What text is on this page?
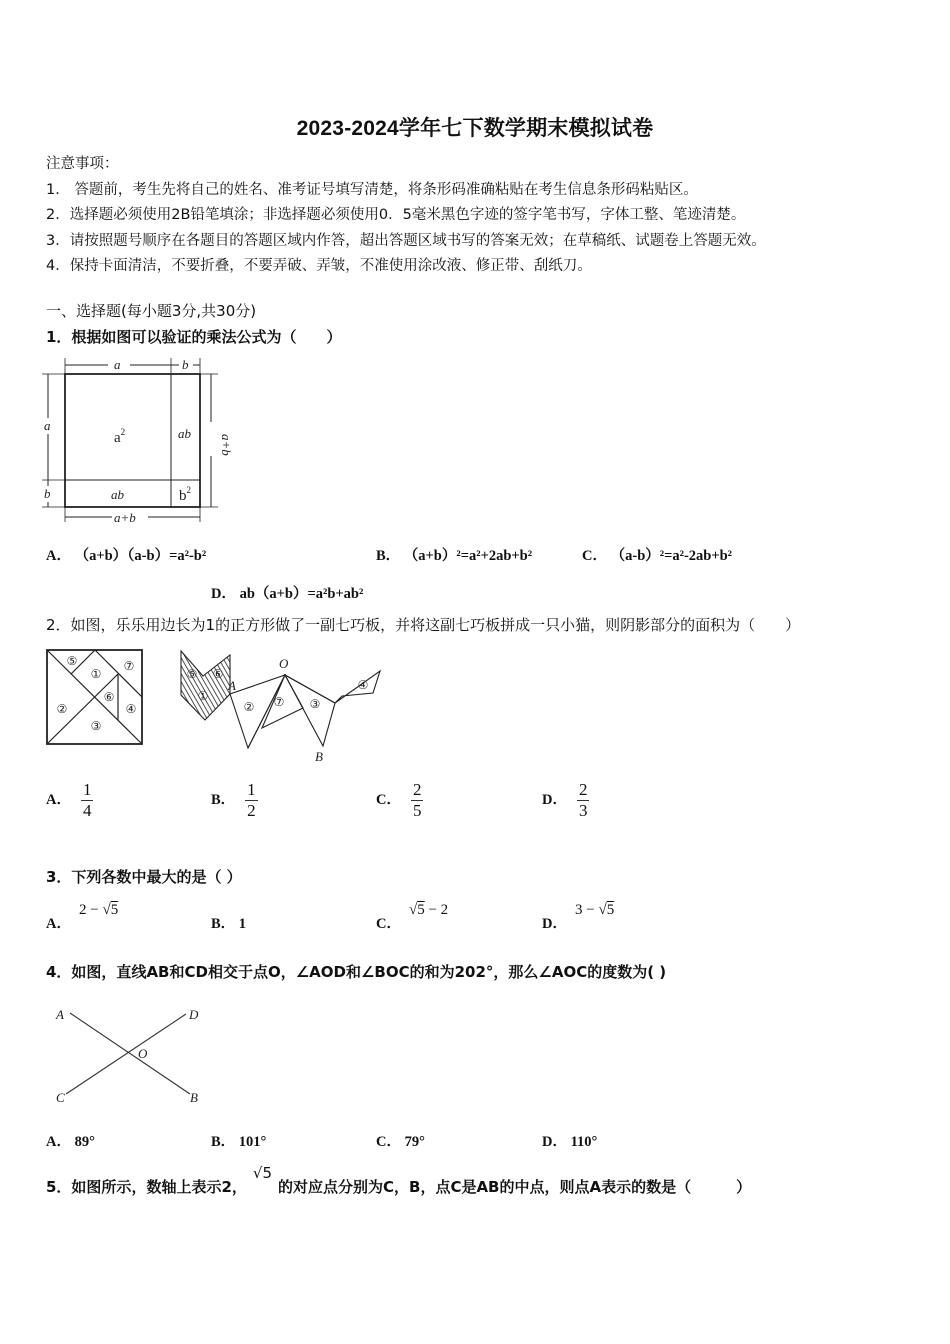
2023-2024学年七下数学期末模拟试卷
注意事项：
1． 答题前，考生先将自己的姓名、准考证号填写清楚，将条形码准确粘贴在考生信息条形码粘贴区。
2．选择题必须使用2B铅笔填涂；非选择题必须使用0．5毫米黑色字迹的签字笔书写，字体工整、笔迹清楚。
3．请按照题号顺序在各题目的答题区域内作答，超出答题区域书写的答案无效；在草稿纸、试题卷上答题无效。
4．保持卡面清洁，不要折叠，不要弄破、弄皱，不准使用涂改液、修正带、刮纸刀。
一、选择题(每小题3分,共30分)
1．根据如图可以验证的乘法公式为（　　）
a	b
a
b
a+b
a+b
ab
ab
$a^2$
$b^2$
A． （a+b）（a-b）=a²-b²	B． （a+b）²=a²+2ab+b²	C． （a-b）²=a²-2ab+b²
D． ab（a+b）=a²b+ab²
2．如图，乐乐用边长为1的正方形做了一副七巧板，并将这副七巧板拼成一只小猫，则阴影部分的面积为（　　）
⑤
①
⑦
②
⑥
④
③
⑤ ⑥
①
② ⑦ ③
④
A
O
B
A． $\frac{1}{4}$	B． $\frac{1}{2}$	C． $\frac{2}{5}$	D． $\frac{2}{3}$
3．下列各数中最大的是（ ）
A．2 − √5
B． 1	C．√5 − 2
D．3 − √5
4．如图，直线AB和CD相交于点O，∠AOD和∠BOC的和为202°，那么∠AOC的度数为( )
A	D
O
C	B
A． 89°	B． 101°	C． 79°	D． 110°
5．如图所示，数轴上表示2，√5的对应点分别为C，B，点C是AB的中点，则点A表示的数是（　　　）
